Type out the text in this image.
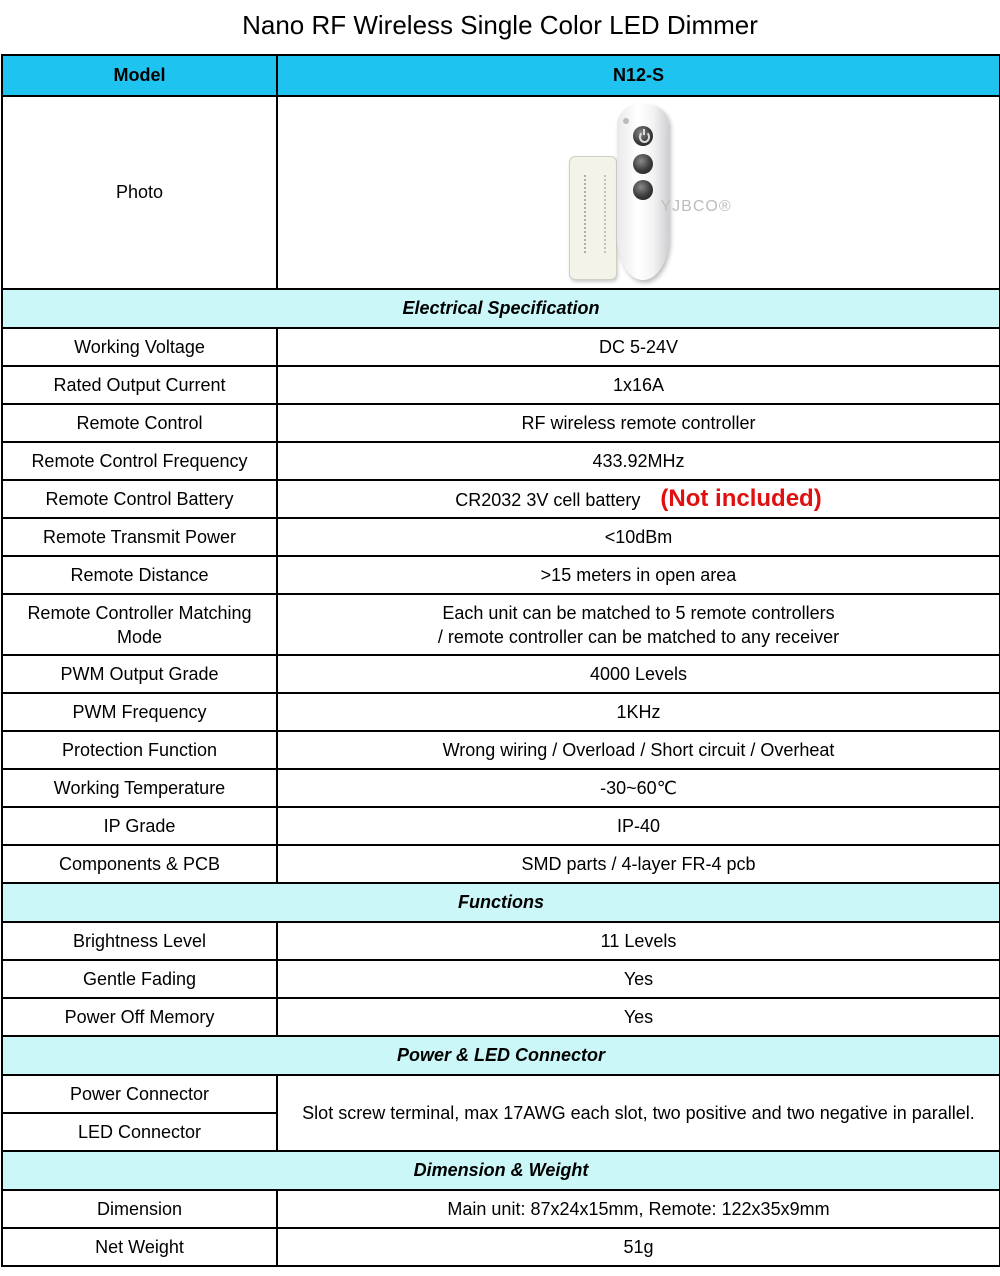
Nano RF Wireless Single Color LED Dimmer
Model	N12-S
Photo	YJBCO®

Electrical Specification	
Working Voltage	DC 5-24V
Rated Output Current	1x16A
Remote Control	RF wireless remote controller
Remote Control Frequency	433.92MHz
Remote Control Battery	CR2032 3V cell battery (Not included)
Remote Transmit Power	<10dBm
Remote Distance	>15 meters in open area
Remote Controller Matching Mode	Each unit can be matched to 5 remote controllers
/ remote controller can be matched to any receiver

PWM Output Grade	4000 Levels
PWM Frequency	1KHz
Protection Function	Wrong wiring / Overload / Short circuit / Overheat
Working Temperature	-30~60℃
IP Grade	IP-40
Components & PCB	SMD parts / 4-layer FR-4 pcb
Functions	
Brightness Level	11 Levels
Gentle Fading	Yes
Power Off Memory	Yes
Power & LED Connector	
Power Connector	Slot screw terminal, max 17AWG each slot, two positive and two negative in parallel.
LED Connector	
Dimension & Weight	
Dimension	Main unit: 87x24x15mm, Remote: 122x35x9mm
Net Weight	51g
